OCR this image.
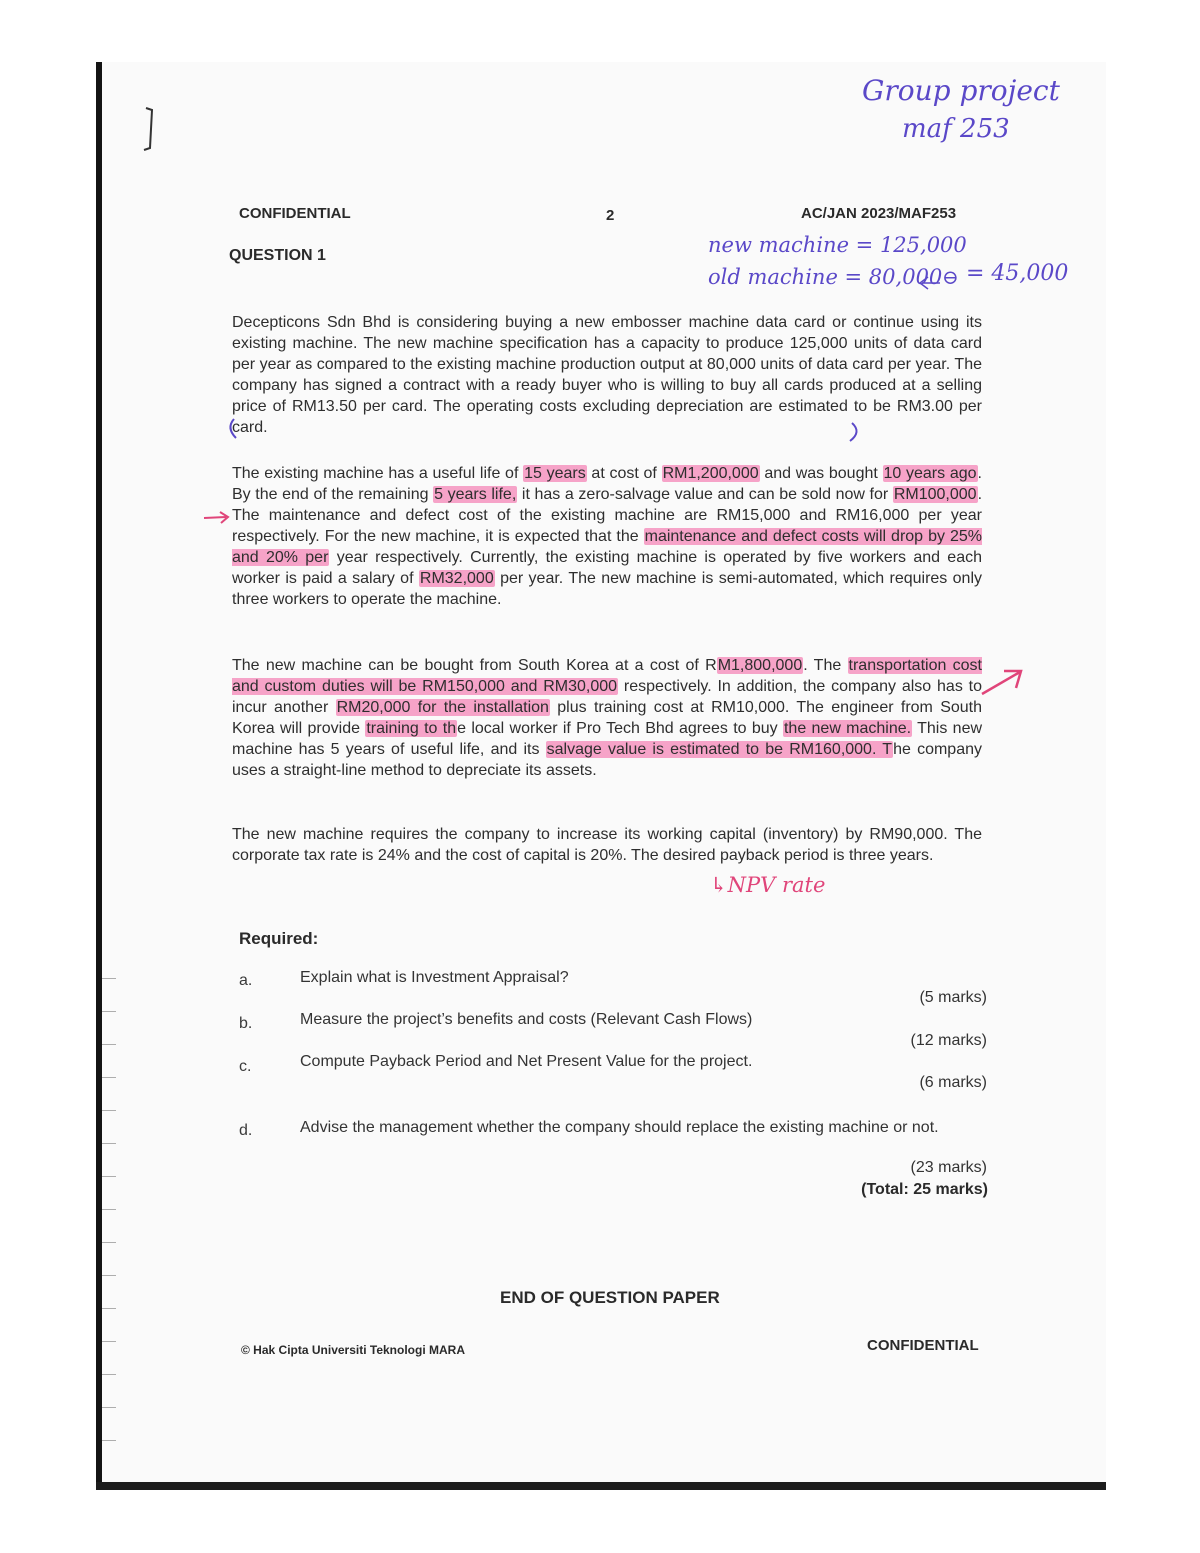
Group project
maf 253
new machine = 125,000
old machine = 80,000 ⊖ = 45,000
↳NPV rate
CONFIDENTIAL	2	AC/JAN 2023/MAF253
QUESTION 1

Decepticons Sdn Bhd is considering buying a new embosser machine data card or continue using its existing machine. The new machine specification has a capacity to produce 125,000 units of data card per year as compared to the existing machine production output at 80,000 units of data card per year. The company has signed a contract with a ready buyer who is willing to buy all cards produced at a selling price of RM13.50 per card. The operating costs excluding depreciation are estimated to be RM3.00 per card.

The existing machine has a useful life of 15 years at cost of RM1,200,000 and was bought 10 years ago. By the end of the remaining 5 years life, it has a zero-salvage value and can be sold now for RM100,000. The maintenance and defect cost of the existing machine are RM15,000 and RM16,000 per year respectively. For the new machine, it is expected that the maintenance and defect costs will drop by 25% and 20% per year respectively. Currently, the existing machine is operated by five workers and each worker is paid a salary of RM32,000 per year. The new machine is semi-automated, which requires only three workers to operate the machine.

The new machine can be bought from South Korea at a cost of RM1,800,000. The transportation cost and custom duties will be RM150,000 and RM30,000 respectively. In addition, the company also has to incur another RM20,000 for the installation plus training cost at RM10,000. The engineer from South Korea will provide training to the local worker if Pro Tech Bhd agrees to buy the new machine. This new machine has 5 years of useful life, and its salvage value is estimated to be RM160,000. The company uses a straight-line method to depreciate its assets.

The new machine requires the company to increase its working capital (inventory) by RM90,000. The corporate tax rate is 24% and the cost of capital is 20%. The desired payback period is three years.

Required:
a.	Explain what is Investment Appraisal?
(5 marks)
b.	Measure the project’s benefits and costs (Relevant Cash Flows)
(12 marks)
c.	Compute Payback Period and Net Present Value for the project.
(6 marks)
d.	Advise the management whether the company should replace the existing machine or not.
(23 marks)
(Total: 25 marks)
END OF QUESTION PAPER
© Hak Cipta Universiti Teknologi MARA	CONFIDENTIAL
